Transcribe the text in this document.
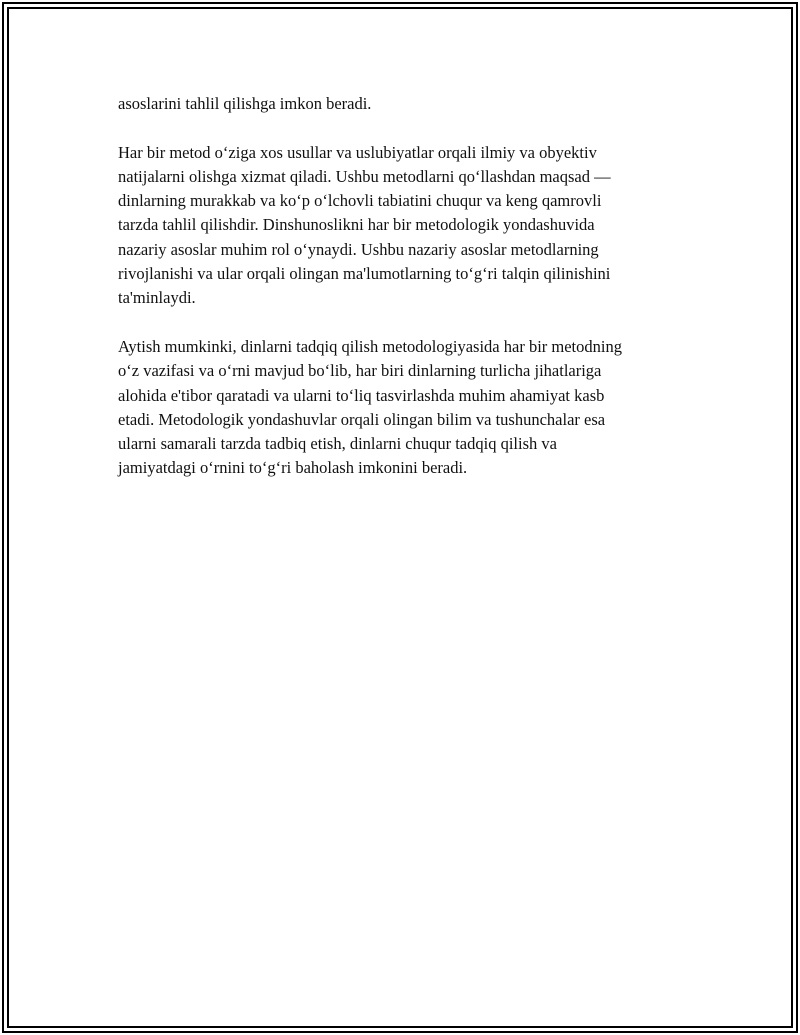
asoslarini tahlil qilishga imkon beradi.

Har bir metod o‘ziga xos usullar va uslubiyatlar orqali ilmiy va obyektiv

natijalarni olishga xizmat qiladi. Ushbu metodlarni qo‘llashdan maqsad —

dinlarning murakkab va ko‘p o‘lchovli tabiatini chuqur va keng qamrovli

tarzda tahlil qilishdir. Dinshunoslikni har bir metodologik yondashuvida

nazariy asoslar muhim rol o‘ynaydi. Ushbu nazariy asoslar metodlarning

rivojlanishi va ular orqali olingan ma'lumotlarning to‘g‘ri talqin qilinishini

ta'minlaydi.

Aytish mumkinki, dinlarni tadqiq qilish metodologiyasida har bir metodning

o‘z vazifasi va o‘rni mavjud bo‘lib, har biri dinlarning turlicha jihatlariga

alohida e'tibor qaratadi va ularni to‘liq tasvirlashda muhim ahamiyat kasb

etadi. Metodologik yondashuvlar orqali olingan bilim va tushunchalar esa

ularni samarali tarzda tadbiq etish, dinlarni chuqur tadqiq qilish va

jamiyatdagi o‘rnini to‘g‘ri baholash imkonini beradi.
